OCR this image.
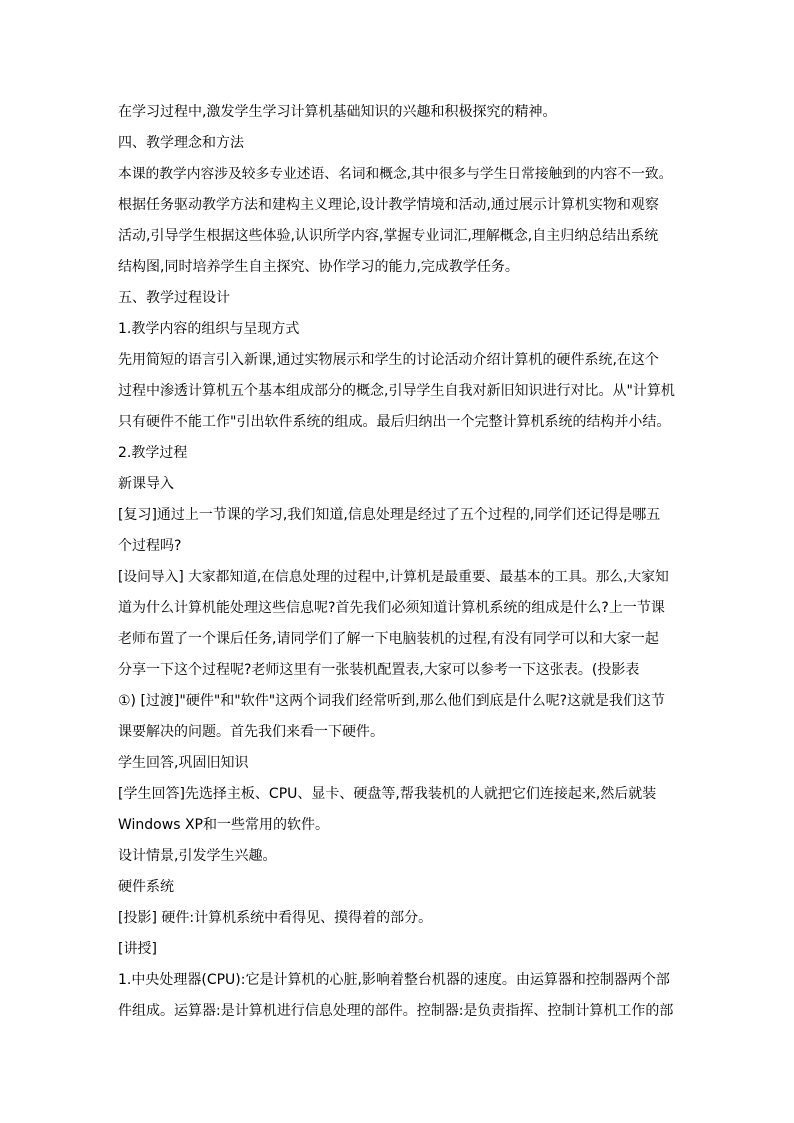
在学习过程中,激发学生学习计算机基础知识的兴趣和积极探究的精神。
四、教学理念和方法
本课的教学内容涉及较多专业述语、名词和概念,其中很多与学生日常接触到的内容不一致。
根据任务驱动教学方法和建构主义理论,设计教学情境和活动,通过展示计算机实物和观察
活动,引导学生根据这些体验,认识所学内容,掌握专业词汇,理解概念,自主归纳总结出系统
结构图,同时培养学生自主探究、协作学习的能力,完成教学任务。
五、教学过程设计
1.教学内容的组织与呈现方式
先用简短的语言引入新课,通过实物展示和学生的讨论活动介绍计算机的硬件系统,在这个
过程中渗透计算机五个基本组成部分的概念,引导学生自我对新旧知识进行对比。从"计算机
只有硬件不能工作"引出软件系统的组成。最后归纳出一个完整计算机系统的结构并小结。
2.教学过程
新课导入
[复习]通过上一节课的学习,我们知道,信息处理是经过了五个过程的,同学们还记得是哪五
个过程吗?
[设问导入] 大家都知道,在信息处理的过程中,计算机是最重要、最基本的工具。那么,大家知
道为什么计算机能处理这些信息呢?首先我们必须知道计算机系统的组成是什么?上一节课
老师布置了一个课后任务,请同学们了解一下电脑装机的过程,有没有同学可以和大家一起
分享一下这个过程呢?老师这里有一张装机配置表,大家可以参考一下这张表。(投影表
①) [过渡]"硬件"和"软件"这两个词我们经常听到,那么他们到底是什么呢?这就是我们这节
课要解决的问题。首先我们来看一下硬件。
学生回答,巩固旧知识
[学生回答]先选择主板、CPU、显卡、硬盘等,帮我装机的人就把它们连接起来,然后就装
Windows XP和一些常用的软件。
设计情景,引发学生兴趣。
硬件系统
[投影] 硬件:计算机系统中看得见、摸得着的部分。
[讲授]
1.中央处理器(CPU):它是计算机的心脏,影响着整台机器的速度。由运算器和控制器两个部
件组成。运算器:是计算机进行信息处理的部件。控制器:是负责指挥、控制计算机工作的部
